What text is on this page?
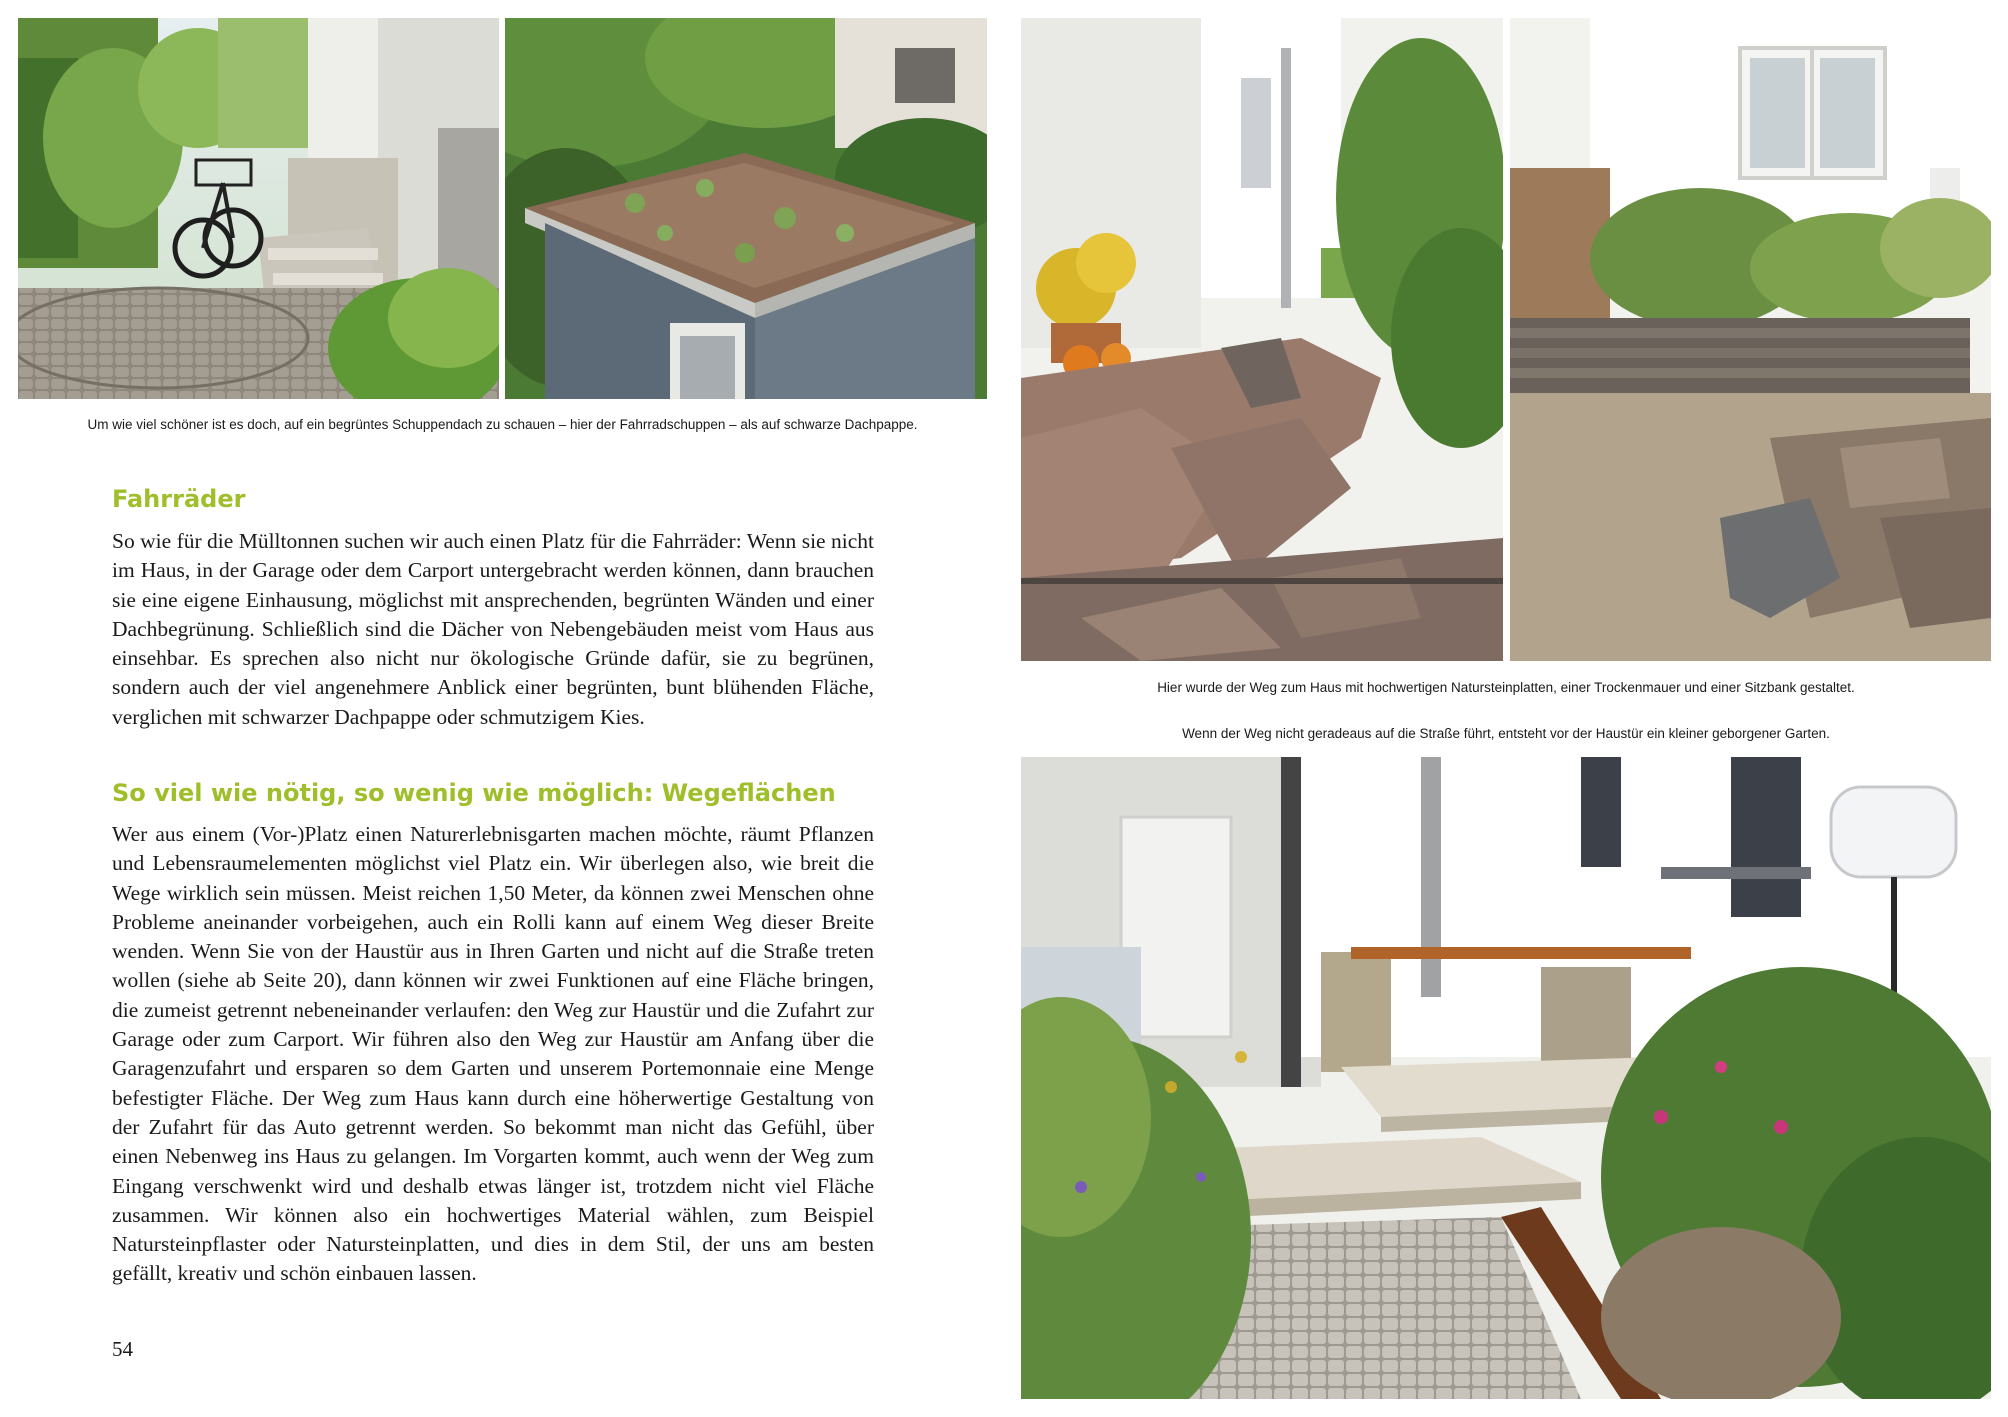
Um wie viel schöner ist es doch, auf ein begrüntes Schuppendach zu schauen – hier der Fahrradschuppen – als auf schwarze Dachpappe.
Fahrräder
So wie für die Mülltonnen suchen wir auch einen Platz für die Fahrräder: Wenn sie nicht im Haus, in der Garage oder dem Carport untergebracht werden können, dann brauchen sie eine eigene Einhausung, möglichst mit ansprechenden, begrünten Wänden und einer Dachbegrünung. Schließlich sind die Dächer von Nebengebäuden meist vom Haus aus einsehbar. Es sprechen also nicht nur ökologische Gründe dafür, sie zu begrünen, sondern auch der viel angenehmere Anblick einer begrünten, bunt blühenden Fläche, verglichen mit schwarzer Dachpappe oder schmutzigem Kies.
So viel wie nötig, so wenig wie möglich: Wegeflächen
Wer aus einem (Vor-)Platz einen Naturerlebnisgarten machen möchte, räumt Pflanzen und Lebensraumelementen möglichst viel Platz ein. Wir überlegen also, wie breit die Wege wirklich sein müssen. Meist reichen 1,50 Meter, da können zwei Menschen ohne Probleme aneinander vorbeigehen, auch ein Rolli kann auf einem Weg dieser Breite wenden. Wenn Sie von der Haustür aus in Ihren Garten und nicht auf die Straße treten wollen (siehe ab Seite 20), dann können wir zwei Funktionen auf eine Fläche bringen, die zumeist getrennt nebeneinander verlaufen: den Weg zur Haustür und die Zufahrt zur Garage oder zum Carport. Wir führen also den Weg zur Haustür am Anfang über die Garagenzufahrt und ersparen so dem Garten und unserem Portemonnaie eine Menge befestigter Fläche. Der Weg zum Haus kann durch eine höherwertige Gestaltung von der Zufahrt für das Auto getrennt werden. So bekommt man nicht das Gefühl, über einen Nebenweg ins Haus zu gelangen. Im Vorgarten kommt, auch wenn der Weg zum Eingang verschwenkt wird und deshalb etwas länger ist, trotzdem nicht viel Fläche zusammen. Wir können also ein hochwertiges Material wählen, zum Beispiel Natursteinpflaster oder Natursteinplatten, und dies in dem Stil, der uns am besten gefällt, kreativ und schön einbauen lassen.
54
Hier wurde der Weg zum Haus mit hochwertigen Natursteinplatten, einer Trockenmauer und einer Sitzbank gestaltet.
Wenn der Weg nicht geradeaus auf die Straße führt, entsteht vor der Haustür ein kleiner geborgener Garten.
